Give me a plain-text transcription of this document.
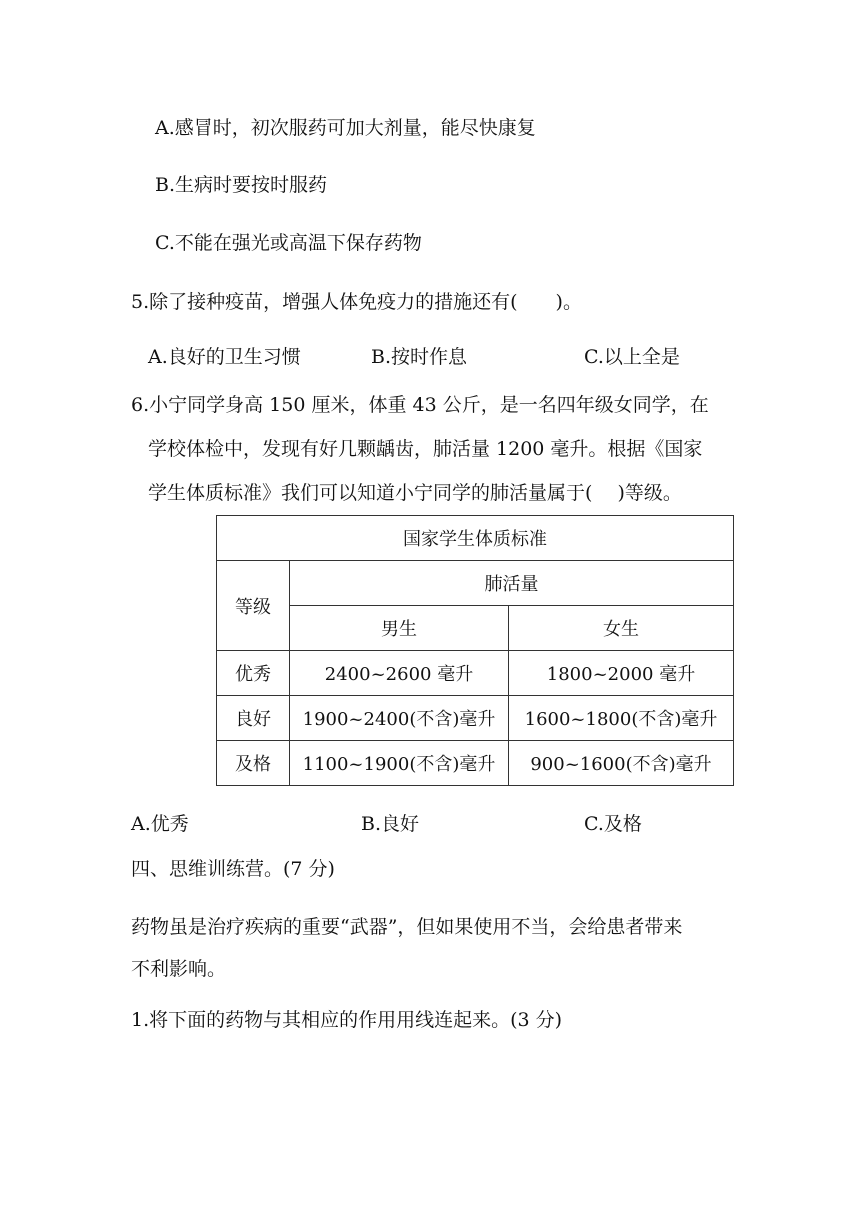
A.感冒时，初次服药可加大剂量，能尽快康复
B.生病时要按时服药
C.不能在强光或高温下保存药物
5.除了接种疫苗，增强人体免疫力的措施还有(　　)。
A.良好的卫生习惯	B.按时作息	C.以上全是
6.小宁同学身高 150 厘米，体重 43 公斤，是一名四年级女同学，在
学校体检中，发现有好几颗龋齿，肺活量 1200 毫升。根据《国家
学生体质标准》我们可以知道小宁同学的肺活量属于(　 )等级。
国家学生体质标准		
等级	肺活量	
	男生	女生
优秀	2400~2600 毫升	1800~2000 毫升
良好	1900~2400(不含)毫升	1600~1800(不含)毫升
及格	1100~1900(不含)毫升	900~1600(不含)毫升
A.优秀	B.良好	C.及格
四、思维训练营。(7 分)
药物虽是治疗疾病的重要“武器”，但如果使用不当，会给患者带来
不利影响。
1.将下面的药物与其相应的作用用线连起来。(3 分)
